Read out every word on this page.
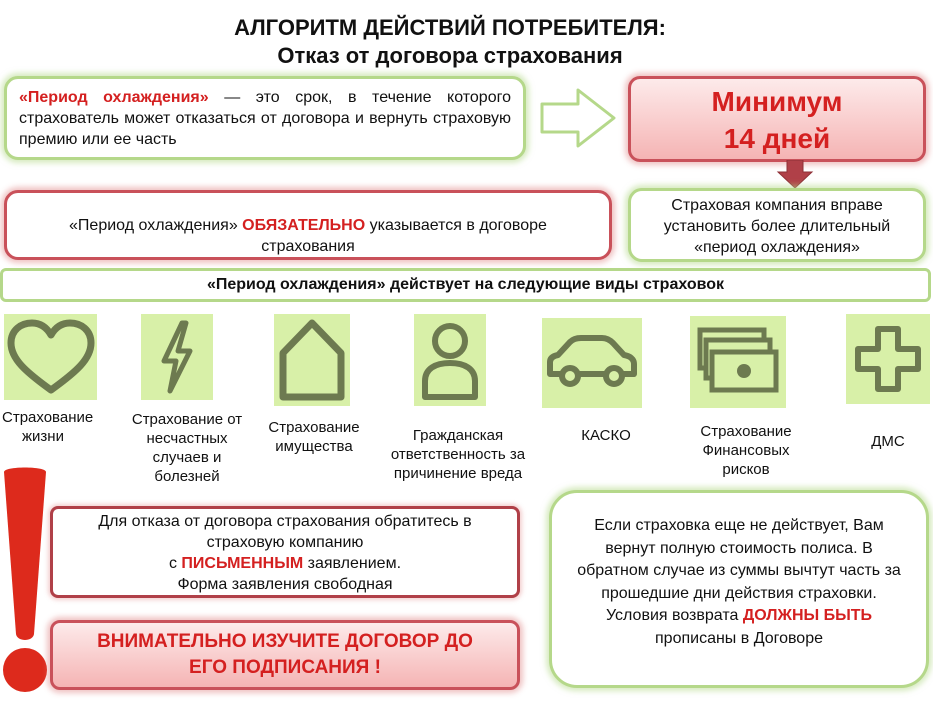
АЛГОРИТМ ДЕЙСТВИЙ ПОТРЕБИТЕЛЯ:
Отказ от договора страхования
«Период охлаждения» — это срок, в течение которого страхователь может отказаться от договора и вернуть страховую премию или ее часть
Минимум
14 дней
«Период охлаждения» ОБЯЗАТЕЛЬНО указывается в договоре страхования
Страховая компания вправе установить более длительный «период охлаждения»
«Период охлаждения» действует на следующие виды страховок
Страхование жизни
Страхование от несчастных случаев и болезней
Страхование имущества
Гражданская ответственность за причинение вреда
КАСКО	Страхование Финансовых рисков
ДМС
Для отказа от договора страхования обратитесь в страховую компанию
с ПИСЬМЕННЫМ заявлением.
Форма заявления свободная
ВНИМАТЕЛЬНО ИЗУЧИТЕ ДОГОВОР ДО ЕГО ПОДПИСАНИЯ !
Если страховка еще не действует, Вам вернут полную стоимость полиса. В обратном случае из суммы вычтут часть за прошедшие дни действия страховки. Условия возврата ДОЛЖНЫ БЫТЬ прописаны в Договоре
